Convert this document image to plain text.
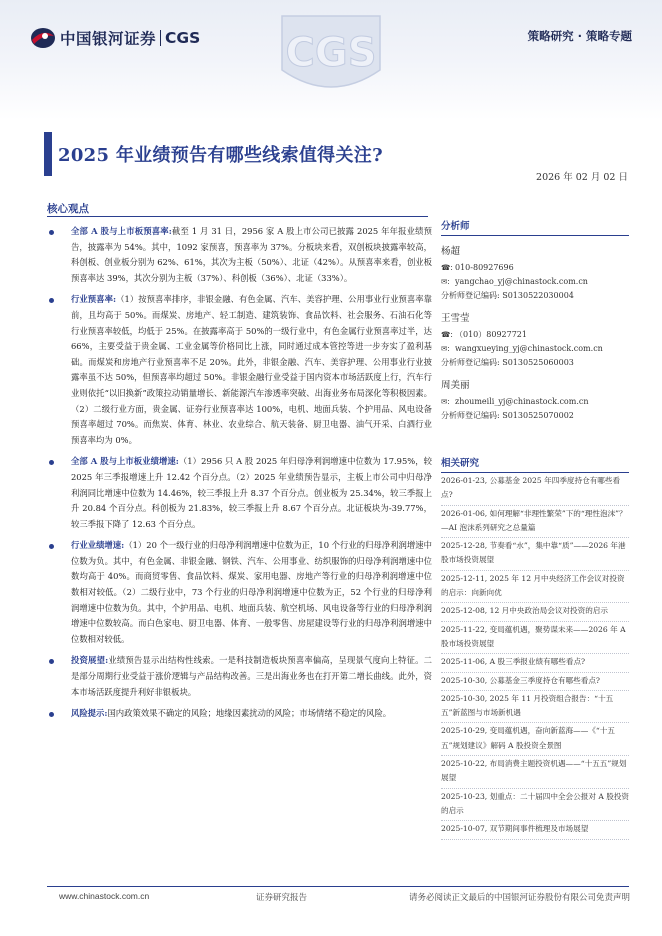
CGS
中国银河证券 CGS	策略研究 · 策略专题
2025 年业绩预告有哪些线索值得关注?
2026 年 02 月 02 日
核心观点
全部 A 股与上市板预喜率:截至 1 月 31 日，2956 家 A 股上市公司已披露 2025 年年报业绩预告，披露率为 54%。其中，1092 家预喜，预喜率为 37%。分板块来看，双创板块披露率较高，科创板、创业板分别为 62%、61%，其次为主板（50%）、北证（42%）。从预喜率来看，创业板预喜率达 39%，其次分别为主板（37%）、科创板（36%）、北证（33%）。
行业预喜率:（1）按预喜率排序，非银金融、有色金属、汽车、美容护理、公用事业行业预喜率靠前，且均高于 50%。而煤炭、房地产、轻工制造、建筑装饰、食品饮料、社会服务、石油石化等行业预喜率较低，均低于 25%。在披露率高于 50%的一级行业中，有色金属行业预喜率过半，达 66%，主要受益于贵金属、工业金属等价格同比上涨，同时通过成本管控等进一步夯实了盈利基础。而煤炭和房地产行业预喜率不足 20%。此外，非银金融、汽车、美容护理、公用事业行业披露率虽不达 50%，但预喜率均超过 50%。非银金融行业受益于国内资本市场活跃度上行，汽车行业则依托“以旧换新”政策拉动销量增长、新能源汽车渗透率突破、出海业务布局深化等积极因素。（2）二级行业方面，贵金属、证券行业预喜率达 100%，电机、地面兵装、个护用品、风电设备预喜率超过 70%。而焦炭、体育、林业、农业综合、航天装备、厨卫电器、油气开采、白酒行业预喜率均为 0%。
全部 A 股与上市板业绩增速:（1）2956 只 A 股 2025 年归母净利润增速中位数为 17.95%，较 2025 年三季报增速上升 12.42 个百分点。（2）2025 年业绩预告显示，主板上市公司中归母净利润同比增速中位数为 14.46%，较三季报上升 8.37 个百分点。创业板为 25.34%，较三季报上升 20.84 个百分点。科创板为 21.83%，较三季报上升 8.67 个百分点。北证板块为-39.77%，较三季报下降了 12.63 个百分点。
行业业绩增速:（1）20 个一级行业的归母净利润增速中位数为正，10 个行业的归母净利润增速中位数为负。其中，有色金属、非银金融、钢铁、汽车、公用事业、纺织服饰的归母净利润增速中位数均高于 40%。而商贸零售、食品饮料、煤炭、家用电器、房地产等行业的归母净利润增速中位数相对较低。（2）二级行业中，73 个行业的归母净利润增速中位数为正，52 个行业的归母净利润增速中位数为负。其中，个护用品、电机、地面兵装、航空机场、风电设备等行业的归母净利润增速中位数较高。而白色家电、厨卫电器、体育、一般零售、房屋建设等行业的归母净利润增速中位数相对较低。
投资展望:业绩预告显示出结构性线索。一是科技制造板块预喜率偏高，呈现景气度向上特征。二是部分周期行业受益于涨价逻辑与产品结构改善。三是出海业务也在打开第二增长曲线。此外，资本市场活跃度提升利好非银板块。
风险提示:国内政策效果不确定的风险；地缘因素扰动的风险；市场情绪不稳定的风险。
分析师
杨超
☎: 010-80927696
✉: yangchao_yj@chinastock.com.cn
分析师登记编码: S0130522030004
王雪莹
☎: （010）80927721
✉: wangxueying_yj@chinastock.com.cn
分析师登记编码: S0130525060003
周美丽
✉: zhoumeili_yj@chinastock.com.cn
分析师登记编码: S0130525070002
相关研究
2026-01-23, 公募基金 2025 年四季度持仓有哪些看点?
2026-01-06, 如何理解“非理性繁荣”下的“理性泡沫”？—AI 泡沫系列研究之总量篇
2025-12-28, 节奏看“水”，集中靠“质”——2026 年港股市场投资展望
2025-12-11, 2025 年 12 月中央经济工作会议对投资的启示：向新向优
2025-12-08, 12 月中央政治局会议对投资的启示
2025-11-22, 变局蕴机遇，聚势谋未来——2026 年 A 股市场投资展望
2025-11-06, A 股三季报业绩有哪些看点?
2025-10-30, 公募基金三季度持仓有哪些看点?
2025-10-30, 2025 年 11 月投资组合报告：“十五五”新蓝图与市场新机遇
2025-10-29, 变局蕴机遇，奋向新蓝海——《“十五五”规划建议》解码 A 股投资全景图
2025-10-22, 布局消费主题投资机遇——“十五五”规划展望
2025-10-23, 划重点：二十届四中全会公报对 A 股投资的启示
2025-10-07, 双节期间事件梳理及市场展望
www.chinastock.com.cn	证券研究报告	请务必阅读正文最后的中国银河证券股份有限公司免责声明
